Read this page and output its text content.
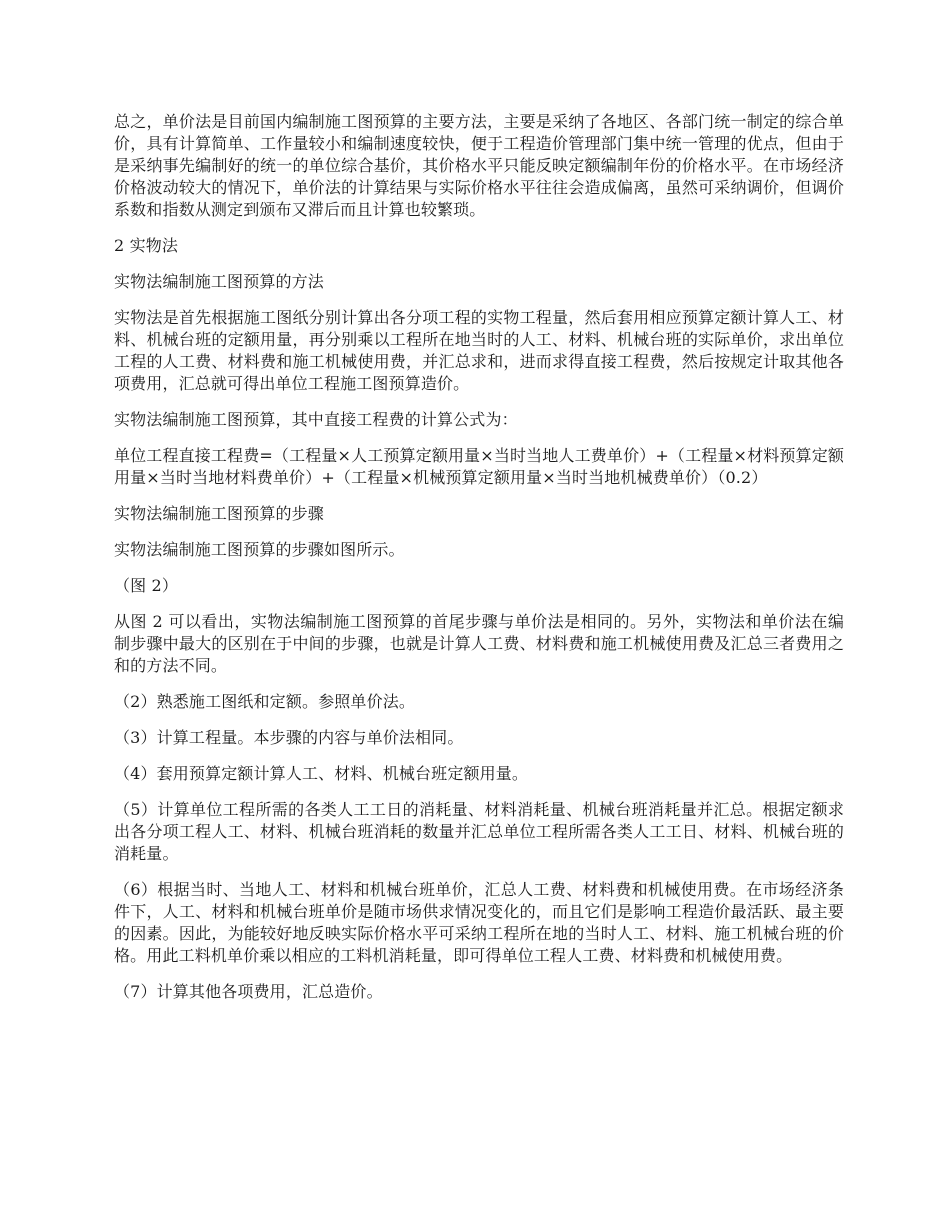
总之，单价法是目前国内编制施工图预算的主要方法，主要是采纳了各地区、各部门统一制定的综合单价，具有计算简单、工作量较小和编制速度较快，便于工程造价管理部门集中统一管理的优点，但由于是采纳事先编制好的统一的单位综合基价，其价格水平只能反映定额编制年份的价格水平。在市场经济价格波动较大的情况下，单价法的计算结果与实际价格水平往往会造成偏离，虽然可采纳调价，但调价系数和指数从测定到颁布又滞后而且计算也较繁琐。

2 实物法

实物法编制施工图预算的方法

实物法是首先根据施工图纸分别计算出各分项工程的实物工程量，然后套用相应预算定额计算人工、材料、机械台班的定额用量，再分别乘以工程所在地当时的人工、材料、机械台班的实际单价，求出单位工程的人工费、材料费和施工机械使用费，并汇总求和，进而求得直接工程费，然后按规定计取其他各项费用，汇总就可得出单位工程施工图预算造价。

实物法编制施工图预算，其中直接工程费的计算公式为：

单位工程直接工程费=（工程量×人工预算定额用量×当时当地人工费单价）+（工程量×材料预算定额用量×当时当地材料费单价）+（工程量×机械预算定额用量×当时当地机械费单价）（0.2）

实物法编制施工图预算的步骤

实物法编制施工图预算的步骤如图所示。

（图 2）

从图 2 可以看出，实物法编制施工图预算的首尾步骤与单价法是相同的。另外，实物法和单价法在编制步骤中最大的区别在于中间的步骤，也就是计算人工费、材料费和施工机械使用费及汇总三者费用之和的方法不同。

（2）熟悉施工图纸和定额。参照单价法。

（3）计算工程量。本步骤的内容与单价法相同。

（4）套用预算定额计算人工、材料、机械台班定额用量。

（5）计算单位工程所需的各类人工工日的消耗量、材料消耗量、机械台班消耗量并汇总。根据定额求出各分项工程人工、材料、机械台班消耗的数量并汇总单位工程所需各类人工工日、材料、机械台班的消耗量。

（6）根据当时、当地人工、材料和机械台班单价，汇总人工费、材料费和机械使用费。在市场经济条件下，人工、材料和机械台班单价是随市场供求情况变化的，而且它们是影响工程造价最活跃、最主要的因素。因此，为能较好地反映实际价格水平可采纳工程所在地的当时人工、材料、施工机械台班的价格。用此工料机单价乘以相应的工料机消耗量，即可得单位工程人工费、材料费和机械使用费。

（7）计算其他各项费用，汇总造价。
